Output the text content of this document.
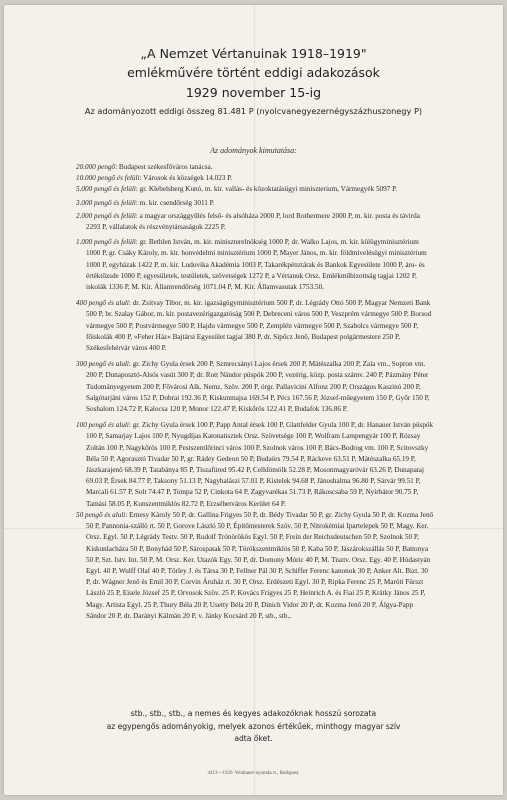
„A Nemzet Vértanuinak 1918–1919"
emlékművére történt eddigi adakozások
1929 november 15-ig
Az adományozott eddigi összeg 81.481 P (nyolcvanegyezernégyszázhuszonegy P)
Az adományok kimutatása:
20.000 pengő: Budapest székesfőváros tanácsa.
10.000 pengő és felüli: Városok és községek 14.023 P.
5.000 pengő és felüli: gr. Klebelsberg Kunó, m. kir. vallás- és közoktatásügyi miniszterium, Vármegyék 5097 P.
3.000 pengő és felüli: m. kir. csendőrség 3011 P.
2.000 pengő és felüli: a magyar országgyűlés felső- és alsóháza 2000 P, lord Rothermere 2000 P, m. kir. posta és távirda 2293 P, vállalatok és részvénytársaságok 2225 P.
1.000 pengő és felüli: gr. Bethlen István, m. kir. miniszterelnökség 1000 P, dr. Walko Lajos, m. kir. külügyminisztérium 1000 P, gr. Csáky Károly, m. kir. honvédelmi minisztérium 1000 P, Mayer János, m. kir. földmivelésügyi minisztérium 1000 P, egyházak 1422 P, m. kir. Ludovika Akadémia 1003 P, Takarékpénztárak és Bankok Egyesülete 1000 P, áru- és értéktőzsde 1000 P, egyesületek, testületek, szövetségek 1272 P, a Vértanuk Orsz. Emlékműbizottság tagjai 1202 P, iskolák 1336 P, M. Kir. Államrendőrség 1071.04 P, M. Kir. Államvasutak 1753.50.
400 pengő és aluli: dr. Zsitvay Tibor, m. kir. igazságügyminisztérium 500 P, dr. Légrády Ottó 500 P, Magyar Nemzeti Bank 500 P, br. Szalay Gábor, m. kir. postavezérigazgatóság 500 P, Debreceni város 500 P, Veszprém vármegye 500 P, Borsod vármegye 500 P, Postvármegye 500 P, Hajdu vármegye 500 P, Zemplén vármegye 500 P, Szabolcs vármegye 500 P, főiskolák 400 P, »Feher Ház« Bajtársi Egyesület tagjai 380 P, dr. Sipőcz Jenő, Budapest polgármestere 250 P, Székesfehérvár város 400 P.
300 pengő és aluli: gr. Zichy Gyula érsek 200 P, Szmrecsányi Lajos érsek 200 P, Mátészalka 200 P, Zala vm., Sopron vm. 200 P, Dunaposztó-Alsós vasút 300 P, dr. Rott Nándor püspök 200 P, vezérig. közp. posta számv. 240 P, Pázmány Péter Tudományegyetem 200 P, Fővárosi Alk. Nemz. Szöv. 200 P, órgr. Pallavicini Alfonz 200 P, Országos Kaszinó 200 P, Salgótarjáni város 152 P, Dobrai 192.36 P, Kiskunmajsa 169.54 P, Pécs 167.56 P, József-műegyetem 150 P, Győr 150 P, Soshalom 124.72 P, Kalocsa 120 P, Monor 122.47 P, Kiskőrös 122.41 P, Budafok 136.86 P.
100 pengő és aluli: gr. Zichy Gyula érsek 100 P, Papp Antal érsek 100 P, Glattfelder Gyula 100 P, dr. Hanauer István püspök 100 P, Samarjay Lajos 100 P, Nyugdíjas Katonatisztek Orsz. Szövetsége 100 P, Wolfram Lampengyár 100 P, Rózsay Zoltán 100 P, Nagykőrös 100 P, Pestszentlőrinci város 100 P, Szolnok város 100 P, Bács-Bodrog vm. 100 P, Scitovszky Béla 50 P, Agorasztó Tivadar 50 P, gr. Rádey Gedeon 50 P, Budaörs 79.54 P, Ráckeve 63.51 P, Mátészalka 65.19 P, Jászkarajenő 68.39 P, Tatabánya 85 P, Tiszafüred 95.42 P, Celldömölk 52.28 P, Mosonmagyaróvár 63.26 P, Dunapataj 69.03 P, Érsek 84.77 P, Taksony 51.13 P, Nagyhalászi 57.01 P, Kistelek 94.68 P, Jánoshalma 96.80 P, Sárvár 99.51 P, Marcali 61.57 P, Solt 74.47 P, Tompa 52 P, Cinkota 64 P, Zagyvarékas 51.73 P, Rákoscsaba 59 P, Nyírbátor 90.75 P, Tamási 58.05 P, Kunszentmiklós 82.72 P, Erzsébetváros Kerület 64 P.
50 pengő és aluli: Ernesy Károly 50 P, dr. Gallina Frigyes 50 P, dr. Bédy Tivadar 50 P, gr. Zichy Gyula 50 P, dr. Kozma Jenő 50 P, Pannonia-szálló rt. 50 P, Gorove László 50 P, Építőmesterek Szöv. 50 P, Nitrokémiai Ipartelepek 50 P, Magy. Ker. Orsz. Egyl. 50 P, Légrády Testv. 50 P, Rudolf Trónörökös Egyl. 50 P, Frein der Reichsdeutschen 50 P, Szolnok 50 P, Kiskunlacháza 50 P, Bonyhád 50 P, Sárospatak 50 P, Törökszentmiklós 50 P, Kaba 50 P, Jászárokszállás 50 P, Battonya 50 P, Szt. Istv. Int. 50 P, M. Orsz. Ker. Utazók Egy. 50 P, dr. Domony Móric 40 P, M. Tisztv. Orsz. Egy. 40 P, Hódastyán Egyl. 40 P, Wulff Olaf 40 P, Törley J. és Társa 30 P, Fellner Pál 30 P, Schiffer Ferenc kanonok 30 P, Anker Alt. Bizt. 30 P, dr. Wágner Jenő és Emil 30 P, Corvin Áruház rt. 30 P, Orsz. Erdészeti Egyl. 30 P, Ripka Ferenc 25 P, Maróti Fürszt László 25 P, Eisele József 25 P, Orvosok Szöv. 25 P, Kovács Frigyes 25 P, Heinrich A. és Fiai 25 P, Krátky János 25 P, Magy. Artista Egyl. 25 P, Thury Béla 20 P, Usetty Béla 20 P, Dinich Vidor 20 P, dr. Kozma Jenő 20 P, Álgya-Papp Sándor 20 P, dr. Darányi Kálmán 20 P, v. Jánky Kocsárd 20 P, stb., stb.,
stb., stb., stb., a nemes és kegyes adakozóknak hosszú sorozata
az egypengős adományokig, melyek azonos értékűek, minthogy magyar szív
adta őket.
4413—1929. Wodianer nyomda rt., Budapest.
